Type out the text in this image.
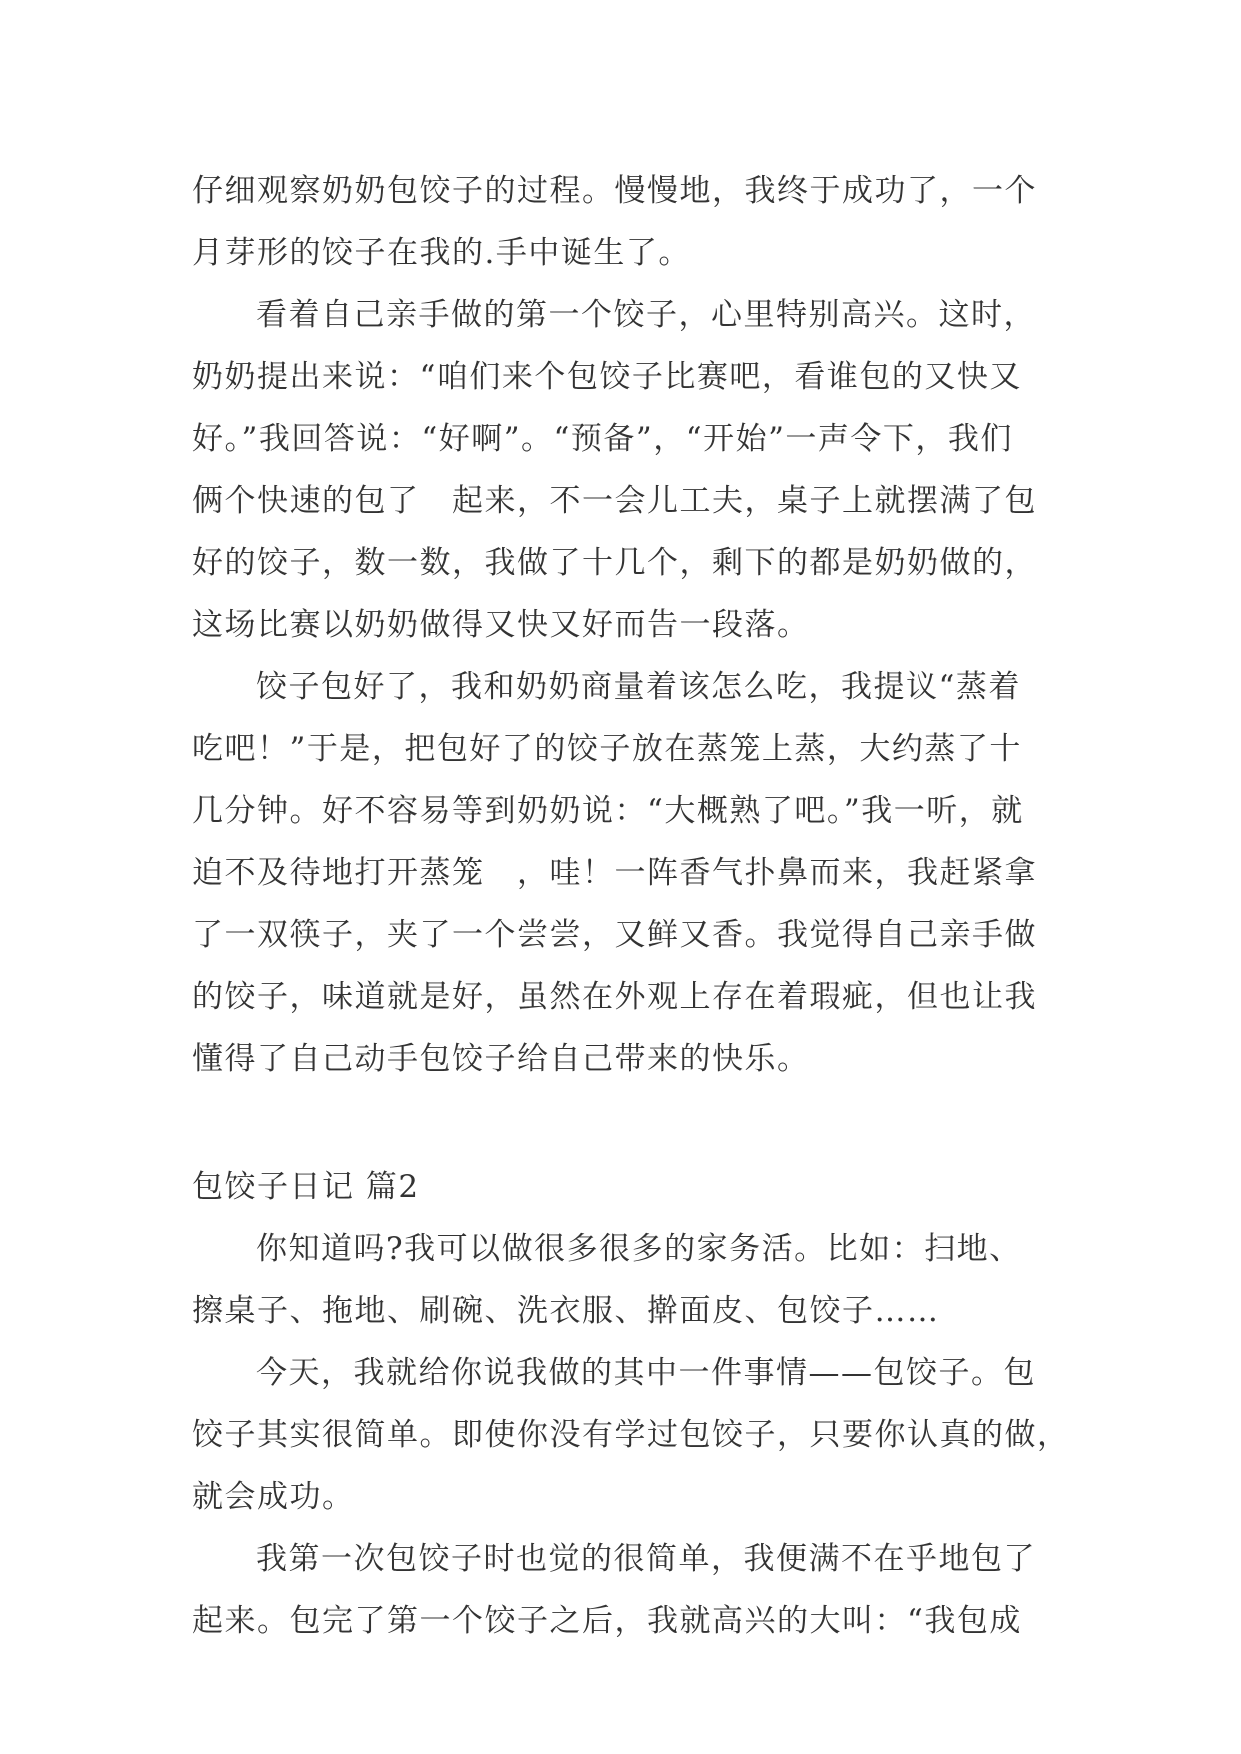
仔细观察奶奶包饺子的过程。慢慢地，我终于成功了，一个
月芽形的饺子在我的.手中诞生了。
看着自己亲手做的第一个饺子，心里特别高兴。这时，
奶奶提出来说：“咱们来个包饺子比赛吧，看谁包的又快又
好。”我回答说：“好啊”。“预备”，“开始”一声令下，我们
俩个快速的包了　起来，不一会儿工夫，桌子上就摆满了包
好的饺子，数一数，我做了十几个，剩下的都是奶奶做的，
这场比赛以奶奶做得又快又好而告一段落。
饺子包好了，我和奶奶商量着该怎么吃，我提议“蒸着
吃吧！”于是，把包好了的饺子放在蒸笼上蒸，大约蒸了十
几分钟。好不容易等到奶奶说：“大概熟了吧。”我一听，就
迫不及待地打开蒸笼　，哇！一阵香气扑鼻而来，我赶紧拿
了一双筷子，夹了一个尝尝，又鲜又香。我觉得自己亲手做
的饺子，味道就是好，虽然在外观上存在着瑕疵，但也让我
懂得了自己动手包饺子给自己带来的快乐。
包饺子日记 篇2
你知道吗?我可以做很多很多的家务活。比如：扫地、
擦桌子、拖地、刷碗、洗衣服、擀面皮、包饺子……
今天，我就给你说我做的其中一件事情——包饺子。包
饺子其实很简单。即使你没有学过包饺子，只要你认真的做，
就会成功。
我第一次包饺子时也觉的很简单，我便满不在乎地包了
起来。包完了第一个饺子之后，我就高兴的大叫：“我包成
